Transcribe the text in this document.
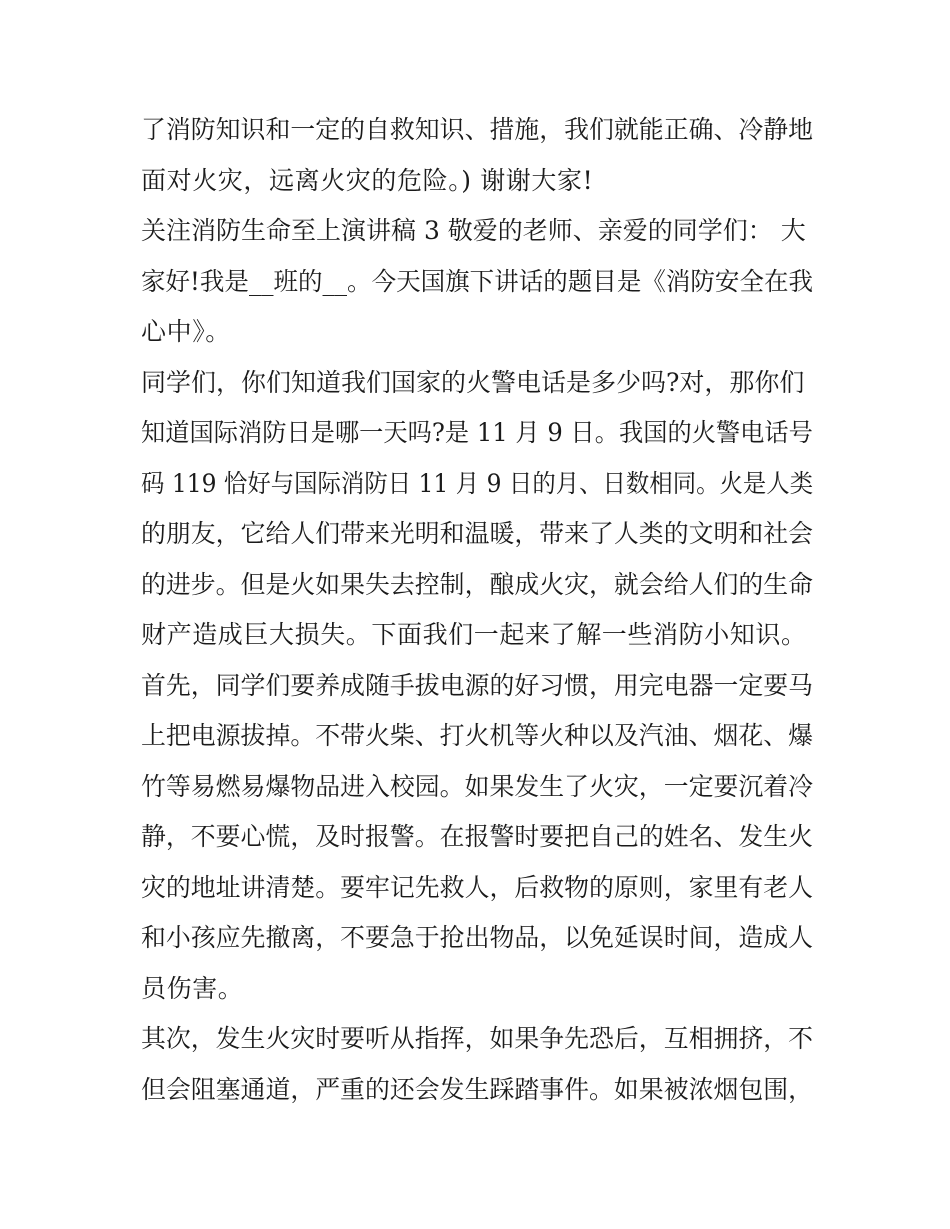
了消防知识和一定的自救知识、措施，我们就能正确、冷静地
面对火灾，远离火灾的危险。) 谢谢大家!

关注消防生命至上演讲稿 3 敬爱的老师、亲爱的同学们： 大
家好!我是__班的__。今天国旗下讲话的题目是《消防安全在我
心中》。

同学们，你们知道我们国家的火警电话是多少吗?对，那你们
知道国际消防日是哪一天吗?是 11 月 9 日。我国的火警电话号
码 119 恰好与国际消防日 11 月 9 日的月、日数相同。火是人类
的朋友，它给人们带来光明和温暖，带来了人类的文明和社会
的进步。但是火如果失去控制，酿成火灾，就会给人们的生命
财产造成巨大损失。下面我们一起来了解一些消防小知识。

首先，同学们要养成随手拔电源的好习惯，用完电器一定要马
上把电源拔掉。不带火柴、打火机等火种以及汽油、烟花、爆
竹等易燃易爆物品进入校园。如果发生了火灾，一定要沉着冷
静，不要心慌，及时报警。在报警时要把自己的姓名、发生火
灾的地址讲清楚。要牢记先救人，后救物的原则，家里有老人
和小孩应先撤离，不要急于抢出物品，以免延误时间，造成人
员伤害。

其次，发生火灾时要听从指挥，如果争先恐后，互相拥挤，不
但会阻塞通道，严重的还会发生踩踏事件。如果被浓烟包围，
